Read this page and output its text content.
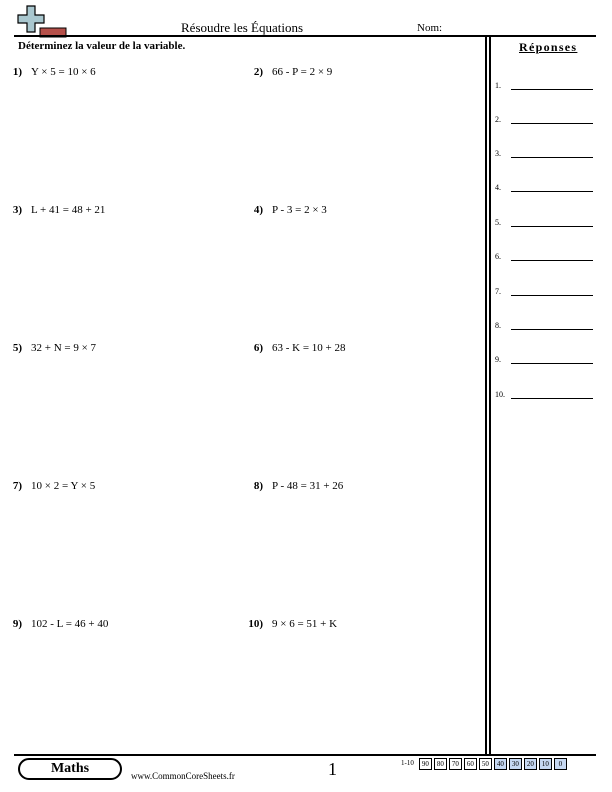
Résoudre les Équations	Nom:
Déterminez la valeur de la variable.
1) Y × 5 = 10 × 6	2) 66 - P = 2 × 9
3) L + 41 = 48 + 21	4) P - 3 = 2 × 3
5) 32 + N = 9 × 7	6) 63 - K = 10 + 28
7) 10 × 2 = Y × 5	8) P - 48 = 31 + 26
9) 102 - L = 46 + 40	10) 9 × 6 = 51 + K
Réponses
1.
2.
3.
4.
5.
6.
7.
8.
9.
10.
Maths	www.CommonCoreSheets.fr	1	1-10	90	80	70	60	50	40	30	20	10	0
